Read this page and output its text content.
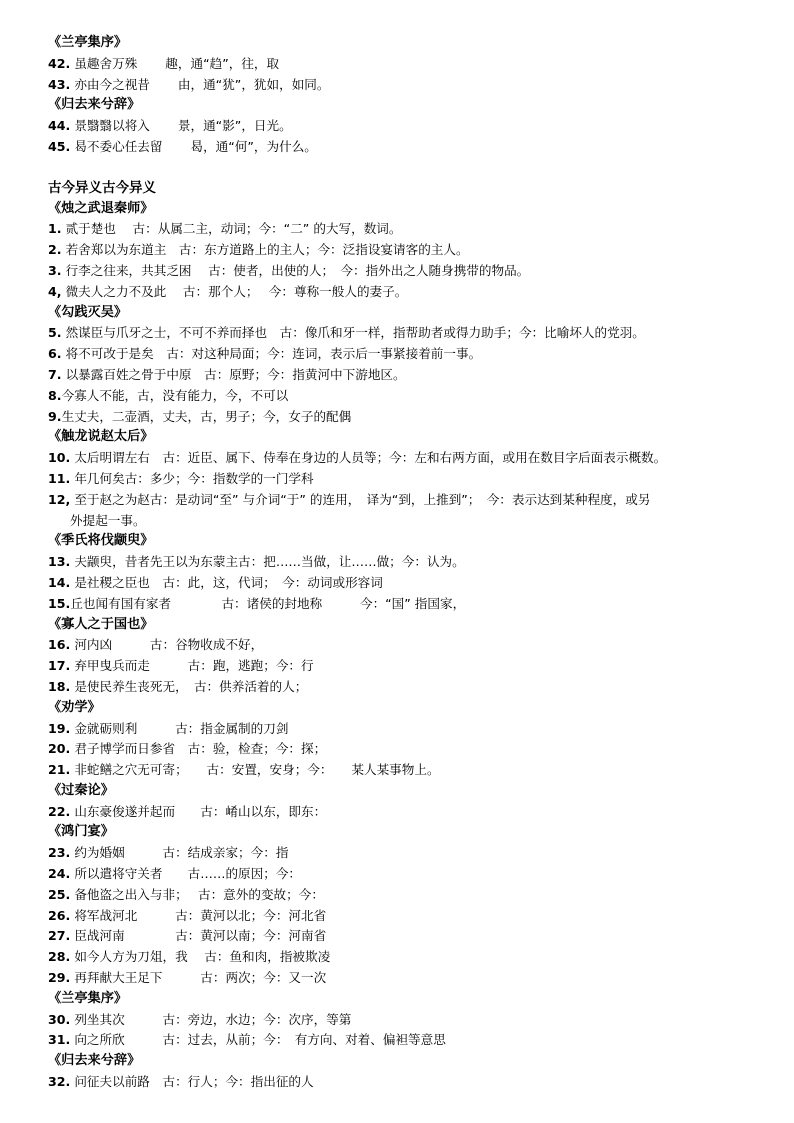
《兰亭集序》
42. 虽趣舍万殊 趣，通“趋”，往，取
43. 亦由今之视昔 由，通“犹”，犹如，如同。
《归去来兮辞》
44. 景翳翳以将入 景，通“影”，日光。
45. 曷不委心任去留 曷，通“何”，为什么。
古今异义古今异义
《烛之武退秦师》
1. 贰于楚也　 古：从属二主，动词；今：“二” 的大写，数词。
2. 若舍郑以为东道主　古：东方道路上的主人；今：泛指设宴请客的主人。
3. 行李之往来，共其乏困　 古：使者，出使的人；　今：指外出之人随身携带的物品。
4, 微夫人之力不及此　 古：那个人；　 今：尊称一般人的妻子。
《勾践灭吴》
5. 然谋臣与爪牙之士，不可不养而择也　古：像爪和牙一样，指帮助者或得力助手；今：比喻坏人的党羽。
6. 将不可改于是矣　古：对这种局面；今：连词，表示后一事紧接着前一事。
7. 以暴露百姓之骨于中原　古：原野；今：指黄河中下游地区。
8.今寡人不能，古，没有能力，今，不可以
9.生丈夫，二壶酒，丈夫，古，男子；今，女子的配偶
《触龙说赵太后》
10. 太后明谓左右　古：近臣、属下、侍奉在身边的人员等；今：左和右两方面，或用在数目字后面表示概数。
11. 年几何矣古：多少；今：指数学的一门学科
12, 至于赵之为赵古：是动词“至” 与介词“于” 的连用，　译为“到，上推到”；　今：表示达到某种程度，或另
外提起一事。
《季氏将伐颛臾》
13. 夫颛臾，昔者先王以为东蒙主古：把……当做，让……做；今：认为。
14. 是社稷之臣也　古：此，这，代词；　今：动词或形容词
15.丘也闻有国有家者　　　　古：诸侯的封地称　　　今：“国” 指国家，
《寡人之于国也》
16. 河内凶　　　古：谷物收成不好，
17. 弃甲曳兵而走　　　古：跑，逃跑；今：行
18. 是使民养生丧死无，　古：供养活着的人；
《劝学》
19. 金就砺则利　　　古：指金属制的刀剑
20. 君子博学而日参省　古：验，检查；今：探；
21. 非蛇鳝之穴无可寄；　　古：安置，安身；今：　　某人某事物上。
《过秦论》
22. 山东豪俊遂并起而　　古：崤山以东，即东：
《鸿门宴》
23. 约为婚姻　　　古：结成亲家；今：指
24. 所以遣将守关者　　古……的原因；今：
25. 备他盗之出入与非；　 古：意外的变故；今：
26. 将军战河北　　　古：黄河以北；今：河北省
27. 臣战河南　　　　古：黄河以南；今：河南省
28. 如今人方为刀俎，我　 古：鱼和肉，指被欺凌
29. 再拜献大王足下　　　古：两次；今：又一次
《兰亭集序》
30. 列坐其次　　　古：旁边，水边；今：次序，等第
31. 向之所欣　　　古：过去，从前；今：　有方向、对着、偏袒等意思
《归去来兮辞》
32. 问征夫以前路　古：行人；今：指出征的人
